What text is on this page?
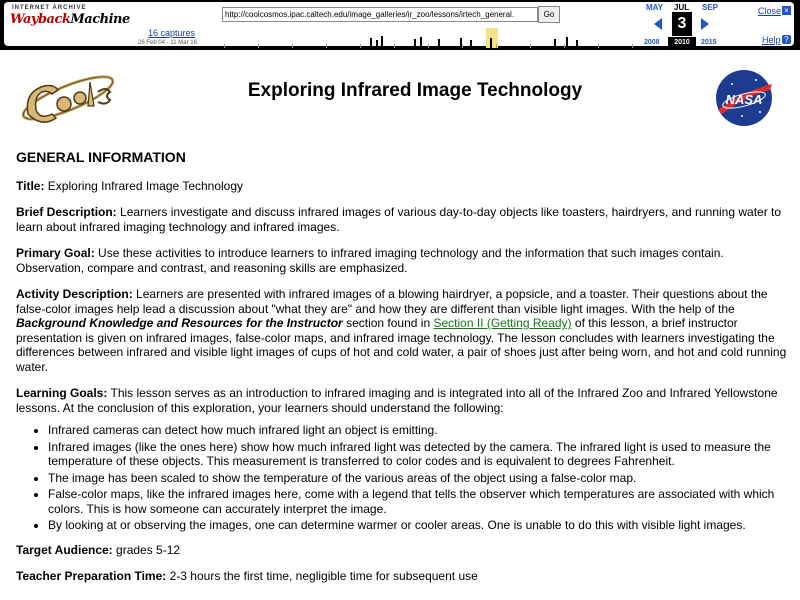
INTERNET ARCHIVE
WaybackMachine
16 captures
26 Feb 04 - 11 Mar 16
http://coolcosmos.ipac.caltech.edu/image_galleries/ir_zoo/lessons/irtech_general.	Go
MAY JUL SEP
3
2008	2010	2015
Close ×
Help ?
Exploring Infrared Image Technology	NASA
GENERAL INFORMATION

Title: Exploring Infrared Image Technology

Brief Description: Learners investigate and discuss infrared images of various day-to-day objects like toasters, hairdryers, and running water to learn about infrared imaging technology and infrared images.

Primary Goal: Use these activities to introduce learners to infrared imaging technology and the information that such images contain. Observation, compare and contrast, and reasoning skills are emphasized.

Activity Description: Learners are presented with infrared images of a blowing hairdryer, a popsicle, and a toaster. Their questions about the false-color images help lead a discussion about "what they are" and how they are different than visible light images. With the help of the Background Knowledge and Resources for the Instructor section found in Section II (Getting Ready) of this lesson, a brief instructor presentation is given on infrared images, false-color maps, and infrared image technology. The lesson concludes with learners investigating the differences between infrared and visible light images of cups of hot and cold water, a pair of shoes just after being worn, and hot and cold running water.

Learning Goals: This lesson serves as an introduction to infrared imaging and is integrated into all of the Infrared Zoo and Infrared Yellowstone lessons. At the conclusion of this exploration, your learners should understand the following:

• Infrared cameras can detect how much infrared light an object is emitting.
• Infrared images (like the ones here) show how much infrared light was detected by the camera. The infrared light is used to measure the temperature of these objects. This measurement is transferred to color codes and is equivalent to degrees Fahrenheit.
• The image has been scaled to show the temperature of the various areas of the object using a false-color map.
• False-color maps, like the infrared images here, come with a legend that tells the observer which temperatures are associated with which colors. This is how someone can accurately interpret the image.
• By looking at or observing the images, one can determine warmer or cooler areas. One is unable to do this with visible light images.

Target Audience: grades 5-12

Teacher Preparation Time: 2-3 hours the first time, negligible time for subsequent use
